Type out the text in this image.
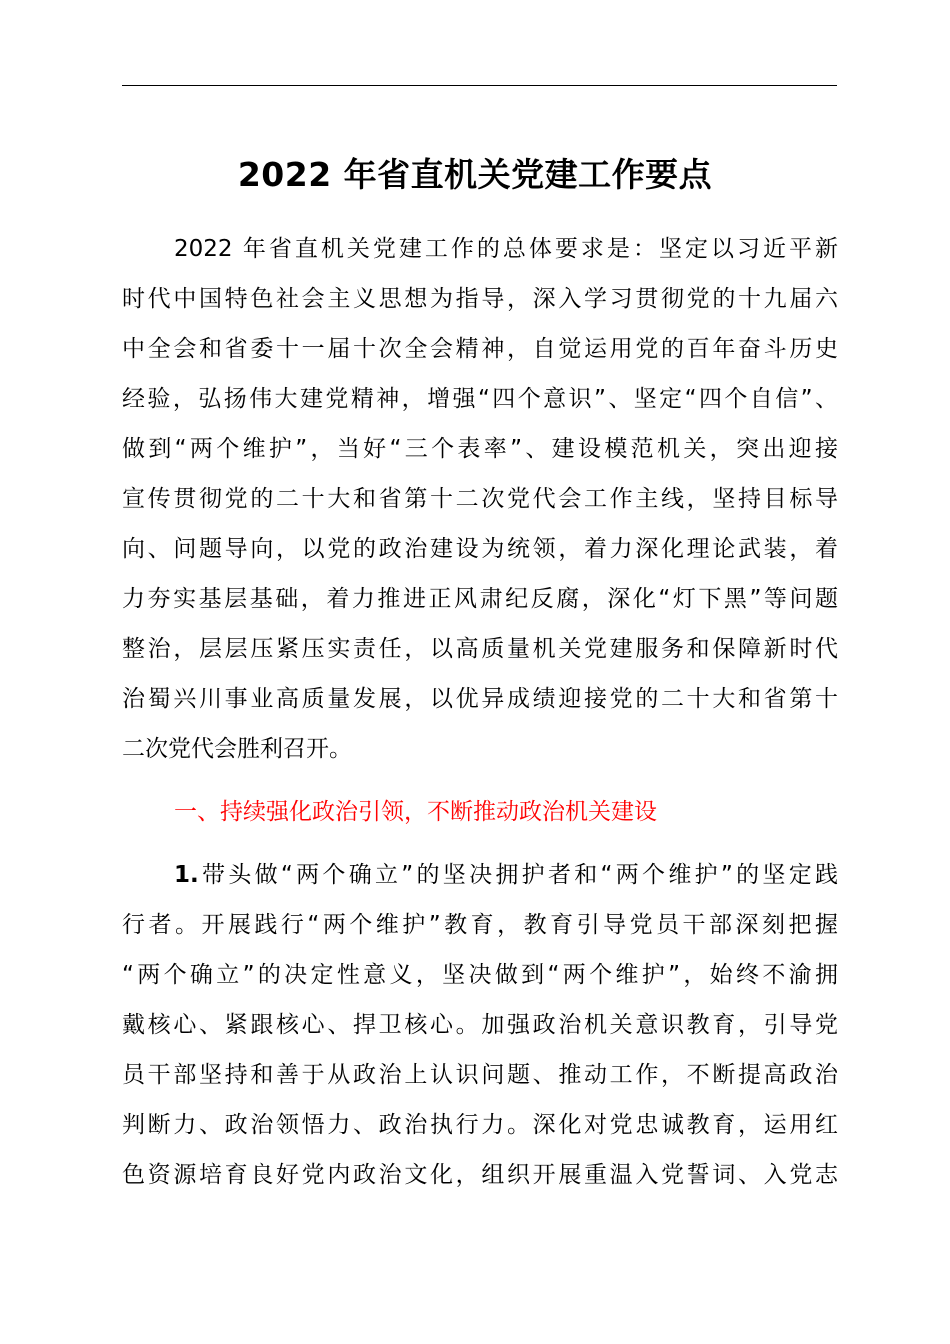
2022 年省直机关党建工作要点
2022 年省直机关党建工作的总体要求是：坚定以习近平新
时代中国特色社会主义思想为指导，深入学习贯彻党的十九届六
中全会和省委十一届十次全会精神，自觉运用党的百年奋斗历史
经验，弘扬伟大建党精神，增强“四个意识”、坚定“四个自信”、
做到“两个维护”，当好“三个表率”、建设模范机关，突出迎接
宣传贯彻党的二十大和省第十二次党代会工作主线，坚持目标导
向、问题导向，以党的政治建设为统领，着力深化理论武装，着
力夯实基层基础，着力推进正风肃纪反腐，深化“灯下黑”等问题
整治，层层压紧压实责任，以高质量机关党建服务和保障新时代
治蜀兴川事业高质量发展，以优异成绩迎接党的二十大和省第十
二次党代会胜利召开。
一、持续强化政治引领，不断推动政治机关建设
1.带头做“两个确立”的坚决拥护者和“两个维护”的坚定践
行者。开展践行“两个维护”教育，教育引导党员干部深刻把握
“两个确立”的决定性意义，坚决做到“两个维护”，始终不渝拥
戴核心、紧跟核心、捍卫核心。加强政治机关意识教育，引导党
员干部坚持和善于从政治上认识问题、推动工作，不断提高政治
判断力、政治领悟力、政治执行力。深化对党忠诚教育，运用红
色资源培育良好党内政治文化，组织开展重温入党誓词、入党志
